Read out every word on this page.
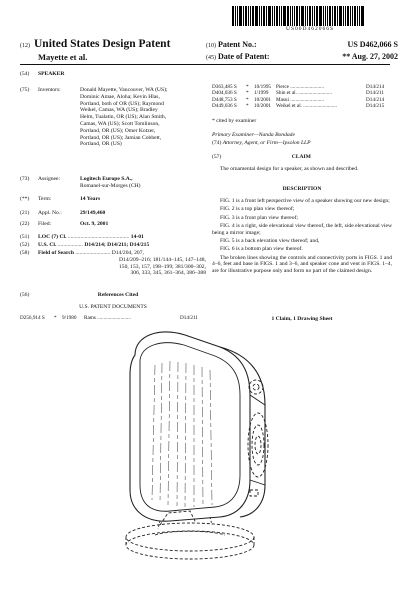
US00D462066S
(12) United States Design Patent
Mayette et al.
(10) Patent No.:	US D462,066 S
(45) Date of Patent:	** Aug. 27, 2002
(54) SPEAKER
(75) Inventors:	Donald Mayette, Vancouver, WA (US);
Dominic Amae, Aloha; Kevin Hlas,
Portland, both of OR (US); Raymond
Weikel, Camas, WA (US); Bradley
Helm, Tualatin, OR (US); Alan Smith,
Camas, WA (US); Scott Tomlinson,
Portland, OR (US); Omer Kotzer,
Portland, OR (US); Jamian Cobbett,
Portland, OR (US)
(73) Assignee:	Logitech Europe S.A.,
Romanel-sur-Morges (CH)
(**) Term:	14 Years
(21) Appl. No.:	29/149,460
(22) Filed:	Oct. 9, 2001
(51) LOC (7) Cl. ............................................ 14-01
(52) U.S. Cl. .................. D14/214; D14/211; D14/215
(58) Field of Search ......................... D14/204, 207,
D14/209–216; 181/144–145, 147–148,
150, 153, 157, 198–199; 381/300–302,
306, 333, 345, 361–364, 386–388
(56)	References Cited
U.S. PATENT DOCUMENTS
D256,914 S	*	9/1980	Rams ..........................	D14/211
D363,485 S	*	10/1995 Pierce ..........................	D14/214
D404,036 S	*	1/1999	Shin et al. ..........................	D14/211
D448,753 S	*	10/2001 Masui ..........................	D14/214
D449,036 S	*	10/2001 Weikel et al. ..........................	D14/215
* cited by examiner
Primary Examiner—Nanda Bondade
(74) Attorney, Agent, or Firm—Ipsolon LLP
(57)	CLAIM
The ornamental design for a speaker, as shown and described.
DESCRIPTION
FIG. 1 is a front left perspective view of a speaker showing our new design;
FIG. 2 is a top plan view thereof;
FIG. 3 is a front plan view thereof;
FIG. 4 is a right, side elevational view thereof, the left, side elevational view being a mirror image;
FIG. 5 is a back elevation view thereof; and,
FIG. 6 is a bottom plan view thereof.
The broken lines showing the controls and connectivity ports in FIGS. 1 and 4–6, feet and base in FIGS. 1 and 3–6, and speaker cone and vent in FIGS. 1–4, are for illustrative purpose only and form no part of the claimed design.
1 Claim, 1 Drawing Sheet
